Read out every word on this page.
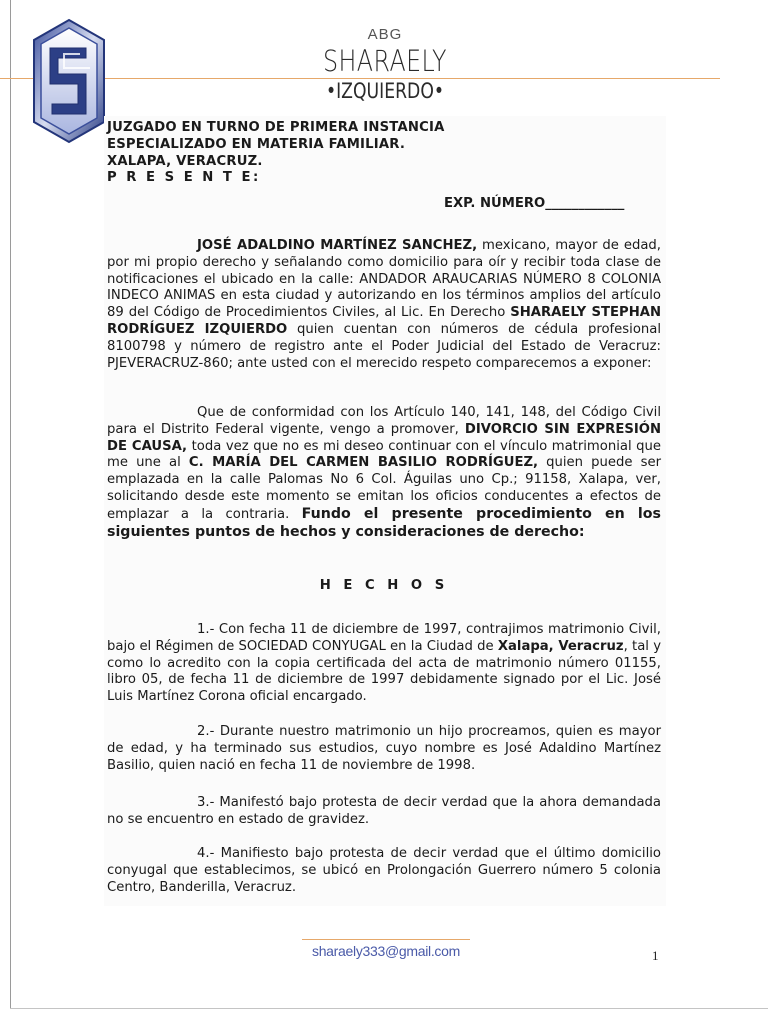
ABG
SHARAELY
•IZQUIERDO•
JUZGADO EN TURNO DE PRIMERA INSTANCIA
ESPECIALIZADO EN MATERIA FAMILIAR.
XALAPA, VERACRUZ.
P R E S E N T E:
EXP. NÚMERO____________
JOSÉ ADALDINO MARTÍNEZ SANCHEZ, mexicano, mayor de edad, por mi propio derecho y señalando como domicilio para oír y recibir toda clase de notificaciones el ubicado en la calle: ANDADOR ARAUCARIAS NÚMERO 8 COLONIA INDECO ANIMAS en esta ciudad y autorizando en los términos amplios del artículo 89 del Código de Procedimientos Civiles, al Lic. En Derecho SHARAELY STEPHAN RODRÍGUEZ IZQUIERDO quien cuentan con números de cédula profesional 8100798 y número de registro ante el Poder Judicial del Estado de Veracruz: PJEVERACRUZ-860; ante usted con el merecido respeto comparecemos a exponer:
Que de conformidad con los Artículo 140, 141, 148, del Código Civil para el Distrito Federal vigente, vengo a promover, DIVORCIO SIN EXPRESIÓN DE CAUSA, toda vez que no es mi deseo continuar con el vínculo matrimonial que me une al C. MARÍA DEL CARMEN BASILIO RODRÍGUEZ, quien puede ser emplazada en la calle Palomas No 6 Col. Águilas uno Cp.; 91158, Xalapa, ver, solicitando desde este momento se emitan los oficios conducentes a efectos de emplazar a la contraria. Fundo el presente procedimiento en los siguientes puntos de hechos y consideraciones de derecho:
H E C H O S
1.- Con fecha 11 de diciembre de 1997, contrajimos matrimonio Civil, bajo el Régimen de SOCIEDAD CONYUGAL en la Ciudad de Xalapa, Veracruz, tal y como lo acredito con la copia certificada del acta de matrimonio número 01155, libro 05, de fecha 11 de diciembre de 1997 debidamente signado por el Lic. José Luis Martínez Corona oficial encargado.
2.- Durante nuestro matrimonio un hijo procreamos, quien es mayor de edad, y ha terminado sus estudios, cuyo nombre es José Adaldino Martínez Basilio, quien nació en fecha 11 de noviembre de 1998.
3.- Manifestó bajo protesta de decir verdad que la ahora demandada no se encuentro en estado de gravidez.
4.- Manifiesto bajo protesta de decir verdad que el último domicilio conyugal que establecimos, se ubicó en Prolongación Guerrero número 5 colonia Centro, Banderilla, Veracruz.
sharaely333@gmail.com	1
